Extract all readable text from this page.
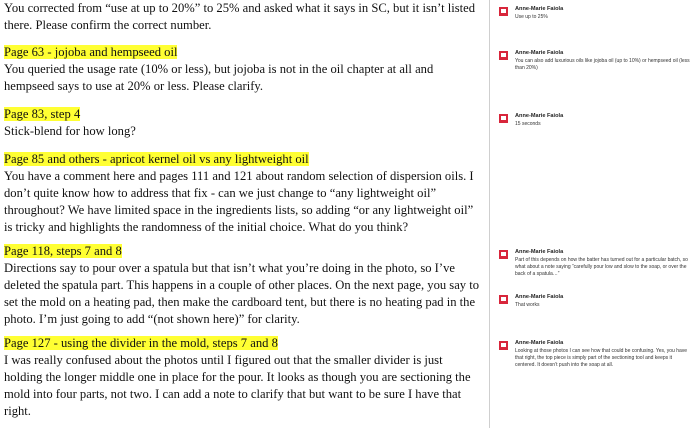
You corrected from “use at up to 20%” to 25% and asked what it says in SC, but it isn’t listed there. Please confirm the correct number.

Page 63 - jojoba and hempseed oil

You queried the usage rate (10% or less), but jojoba is not in the oil chapter at all and hempseed says to use at 20% or less. Please clarify.

Page 83, step 4

Stick-blend for how long?

Page 85 and others - apricot kernel oil vs any lightweight oil

You have a comment here and pages 111 and 121 about random selection of dispersion oils. I don’t quite know how to address that fix - can we just change to “any lightweight oil” throughout? We have limited space in the ingredients lists, so adding “or any lightweight oil” is tricky and highlights the randomness of the initial choice. What do you think?

Page 118, steps 7 and 8

Directions say to pour over a spatula but that isn’t what you’re doing in the photo, so I’ve deleted the spatula part. This happens in a couple of other places. On the next page, you say to set the mold on a heating pad, then make the cardboard tent, but there is no heating pad in the photo. I’m just going to add “(not shown here)” for clarity.

Page 127 - using the divider in the mold, steps 7 and 8

I was really confused about the photos until I figured out that the smaller divider is just holding the longer middle one in place for the pour. It looks as though you are sectioning the mold into four parts, not two. I can add a note to clarify that but want to be sure I have that right.

Anne-Marie Faiola
Use up to 25%
Anne-Marie Faiola
You can also add luxurious oils like jojoba oil (up to 10%) or hempseed oil (less than 20%)
Anne-Marie Faiola
15 seconds
Anne-Marie Faiola
Part of this depends on how the batter has turned out for a particular batch, so what about a note saying “carefully pour low and slow to the soap, or over the back of a spatula…”
Anne-Marie Faiola
That works
Anne-Marie Faiola
Looking at those photos I can see how that could be confusing. Yes, you have that right, the top piece is simply part of the sectioning tool and keeps it centered. It doesn’t push into the soap at all.
